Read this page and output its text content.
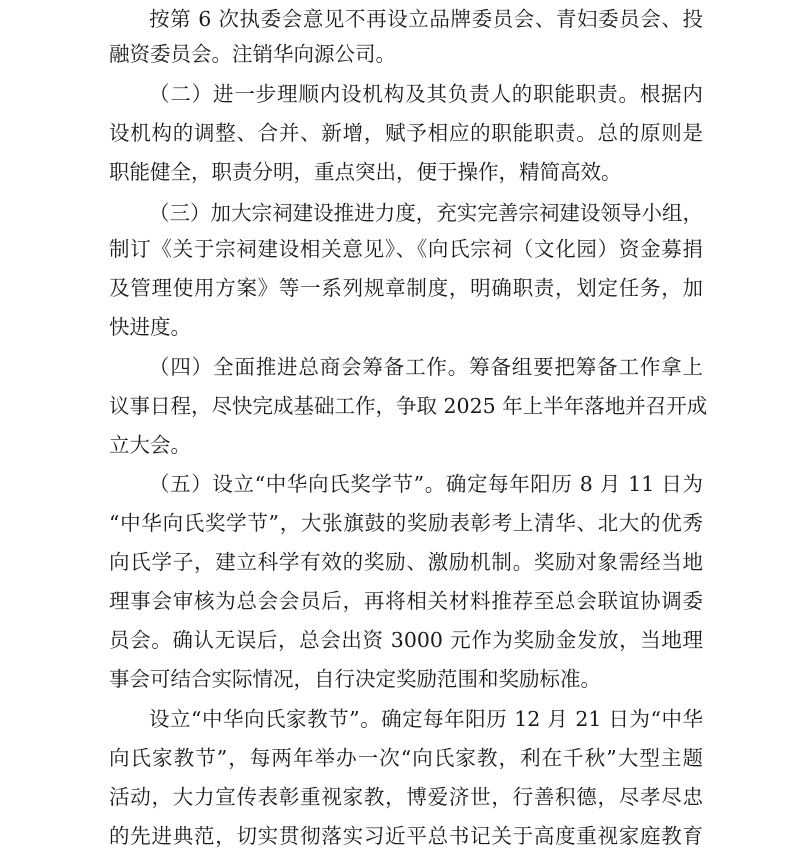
按第 6 次执委会意见不再设立品牌委员会、青妇委员会、投
融资委员会。注销华向源公司。
（二）进一步理顺内设机构及其负责人的职能职责。根据内
设机构的调整、合并、新增，赋予相应的职能职责。总的原则是
职能健全，职责分明，重点突出，便于操作，精简高效。
（三）加大宗祠建设推进力度，充实完善宗祠建设领导小组，
制订《关于宗祠建设相关意见》、《向氏宗祠（文化园）资金募捐
及管理使用方案》等一系列规章制度，明确职责，划定任务，加
快进度。
（四）全面推进总商会筹备工作。筹备组要把筹备工作拿上
议事日程，尽快完成基础工作，争取 2025 年上半年落地并召开成
立大会。
（五）设立“中华向氏奖学节”。确定每年阳历 8 月 11 日为
“中华向氏奖学节”，大张旗鼓的奖励表彰考上清华、北大的优秀
向氏学子，建立科学有效的奖励、激励机制。奖励对象需经当地
理事会审核为总会会员后，再将相关材料推荐至总会联谊协调委
员会。确认无误后，总会出资 3000 元作为奖励金发放，当地理
事会可结合实际情况，自行决定奖励范围和奖励标准。
设立“中华向氏家教节”。确定每年阳历 12 月 21 日为“中华
向氏家教节”，每两年举办一次“向氏家教，利在千秋”大型主题
活动，大力宣传表彰重视家教，博爱济世，行善积德，尽孝尽忠
的先进典范，切实贯彻落实习近平总书记关于高度重视家庭教育
